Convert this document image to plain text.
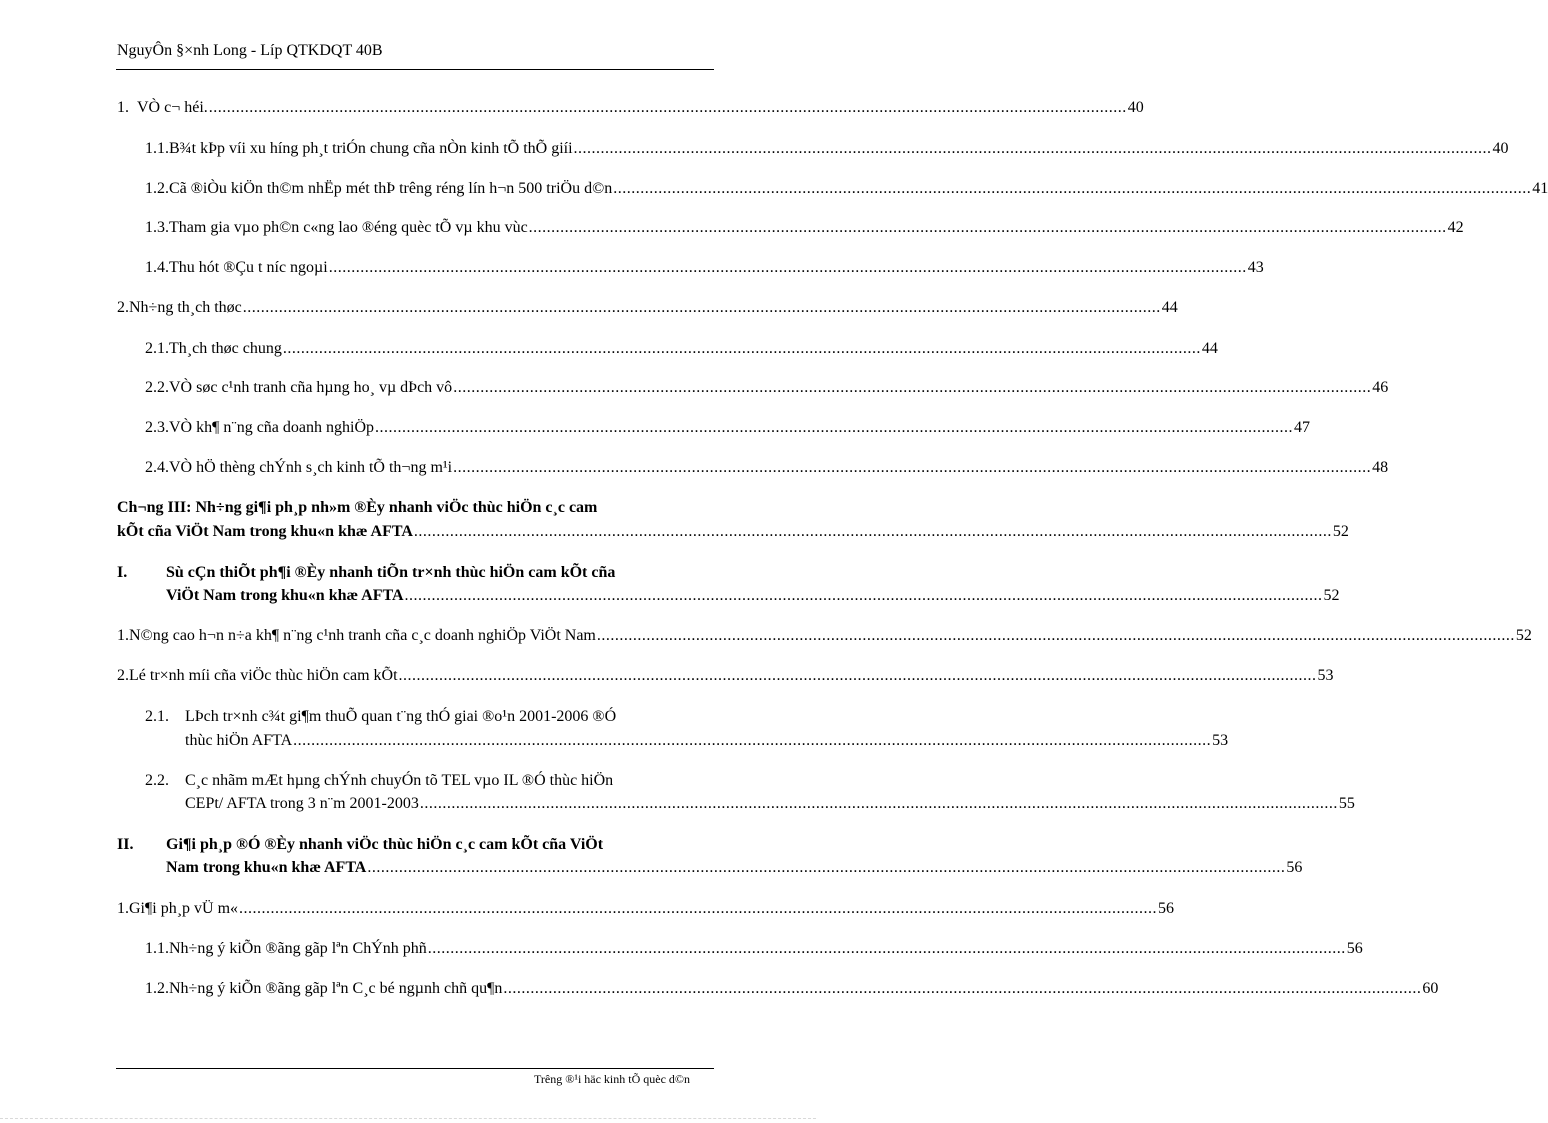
NguyÔn §×nh Long - Líp QTKDQT 40B
1. VÒ c¬ héi. .....	40
1.1. B¾t kÞp víi xu híng ph¸t triÓn chung cña nÒn kinh tÕ thÕ giíi .....	40
1.2. Cã ®iÒu kiÖn th©m nhËp mét thÞ trêng réng lín h¬n 500 triÖu d©n .....	41
1.3. Tham gia vµo ph©n c«ng lao ®éng quèc tÕ vµ khu vùc .....	42
1.4. Thu hót ®Çu t níc ngoµi .....	43
2. Nh÷ng th¸ch thøc .....	44
2.1. Th¸ch thøc chung .....	44
2.2. VÒ søc c¹nh tranh cña hµng ho¸ vµ dÞch vô .....	46
2.3. VÒ kh¶ n¨ng cña doanh nghiÖp .....	47
2.4. VÒ hÖ thèng chÝnh s¸ch kinh tÕ th¬ng m¹i .....	48
Ch¬ng III: Nh÷ng gi¶i ph¸p nh»m ®Èy nhanh viÖc thùc hiÖn c¸c cam
kÕt cña ViÖt Nam trong khu«n khæ AFTA .....	52
I. Sù cÇn thiÕt ph¶i ®Èy nhanh tiÕn tr×nh thùc hiÖn cam kÕt cña
ViÖt Nam trong khu«n khæ AFTA .....	52
1. N©ng cao h¬n n÷a kh¶ n¨ng c¹nh tranh cña c¸c doanh nghiÖp ViÖt Nam .....	52
2. Lé tr×nh míi cña viÖc thùc hiÖn cam kÕt .....	53
2.1. LÞch tr×nh c¾t gi¶m thuÕ quan t¨ng thÓ giai ®o¹n 2001-2006 ®Ó
thùc hiÖn AFTA .....	53
2.2. C¸c nhãm mÆt hµng chÝnh chuyÓn tõ TEL vµo IL ®Ó thùc hiÖn
CEPt/ AFTA trong 3 n¨m 2001-2003 .....	55
II. Gi¶i ph¸p ®Ó ®Èy nhanh viÖc thùc hiÖn c¸c cam kÕt cña ViÖt
Nam trong khu«n khæ AFTA .....	56
1. Gi¶i ph¸p vÜ m« .....	56
1.1. Nh÷ng ý kiÕn ®ãng gãp lªn ChÝnh phñ .....	56
1.2. Nh÷ng ý kiÕn ®ãng gãp lªn C¸c bé ngµnh chñ qu¶n .....	60
Trêng ®¹i häc kinh tÕ quèc d©n
